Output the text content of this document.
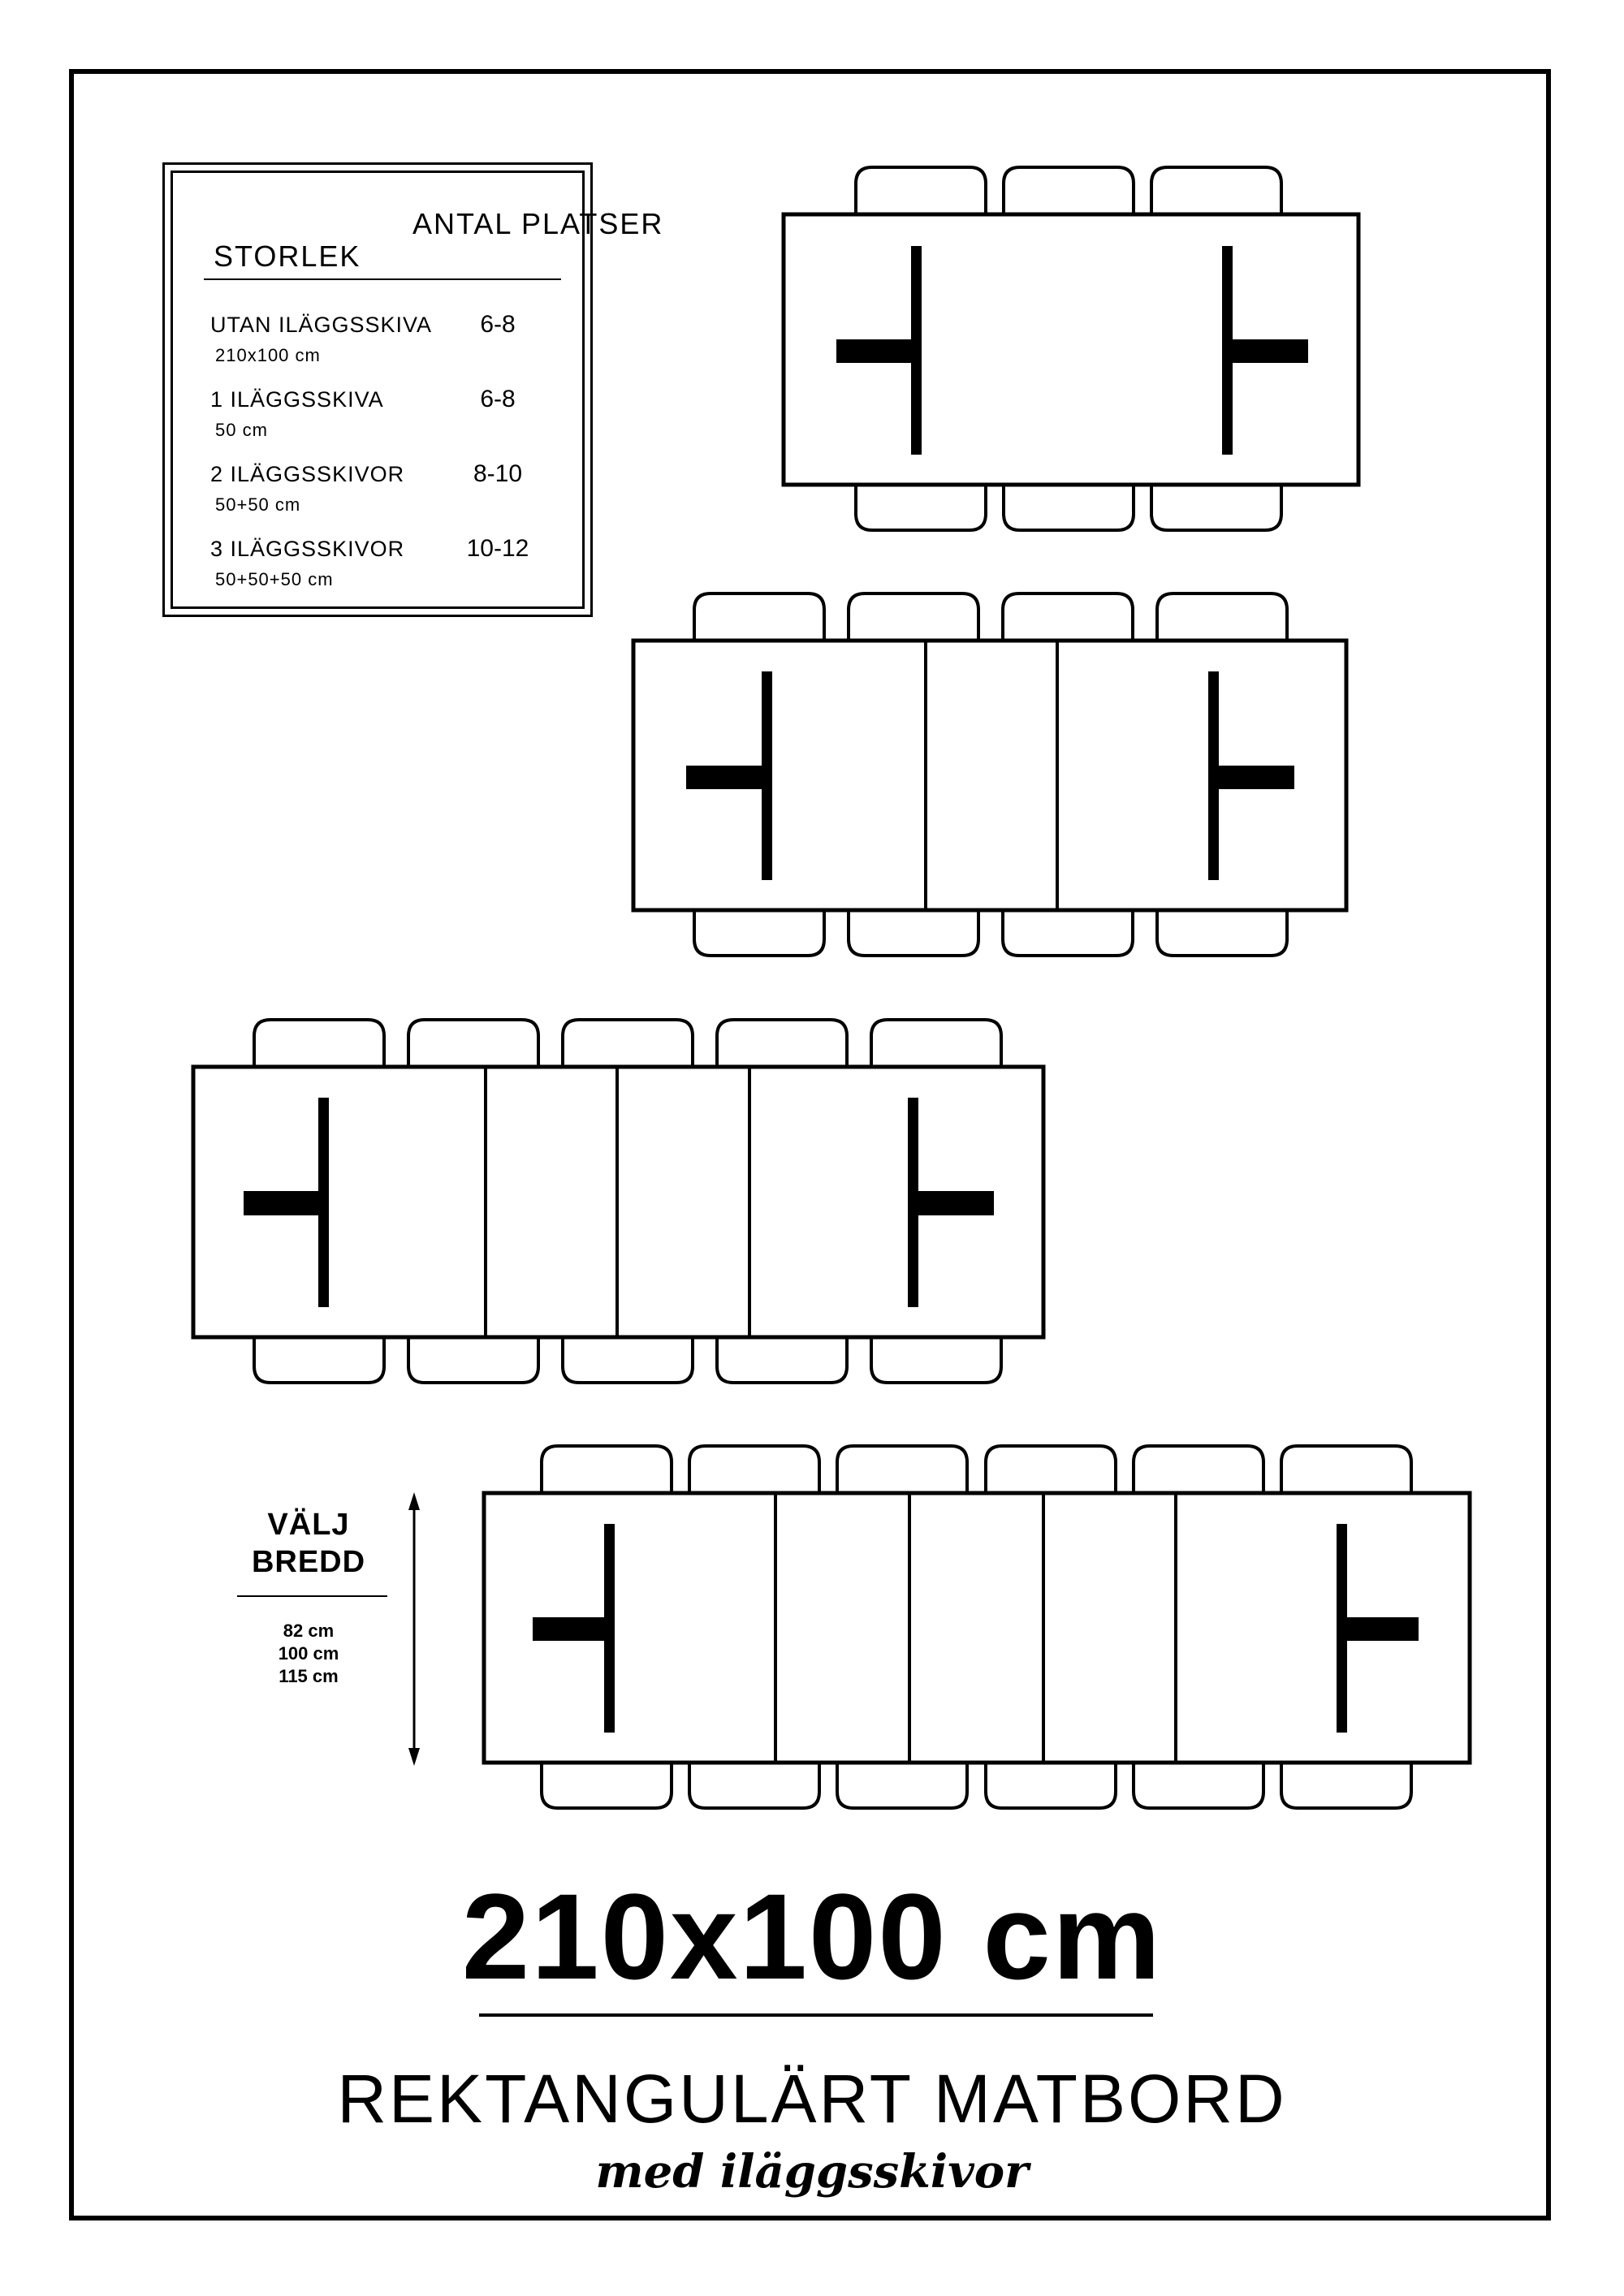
STORLEK
ANTAL PLATSER
UTAN ILÄGGSSKIVA
210x100 cm
6-8
1 ILÄGGSSKIVA
50 cm
6-8
2 ILÄGGSSKIVOR
50+50 cm
8-10
3 ILÄGGSSKIVOR
50+50+50 cm
10-12
VÄLJ BREDD
82 cm
100 cm
115 cm
210x100 cm
REKTANGULÄRT MATBORD
med iläggsskivor
